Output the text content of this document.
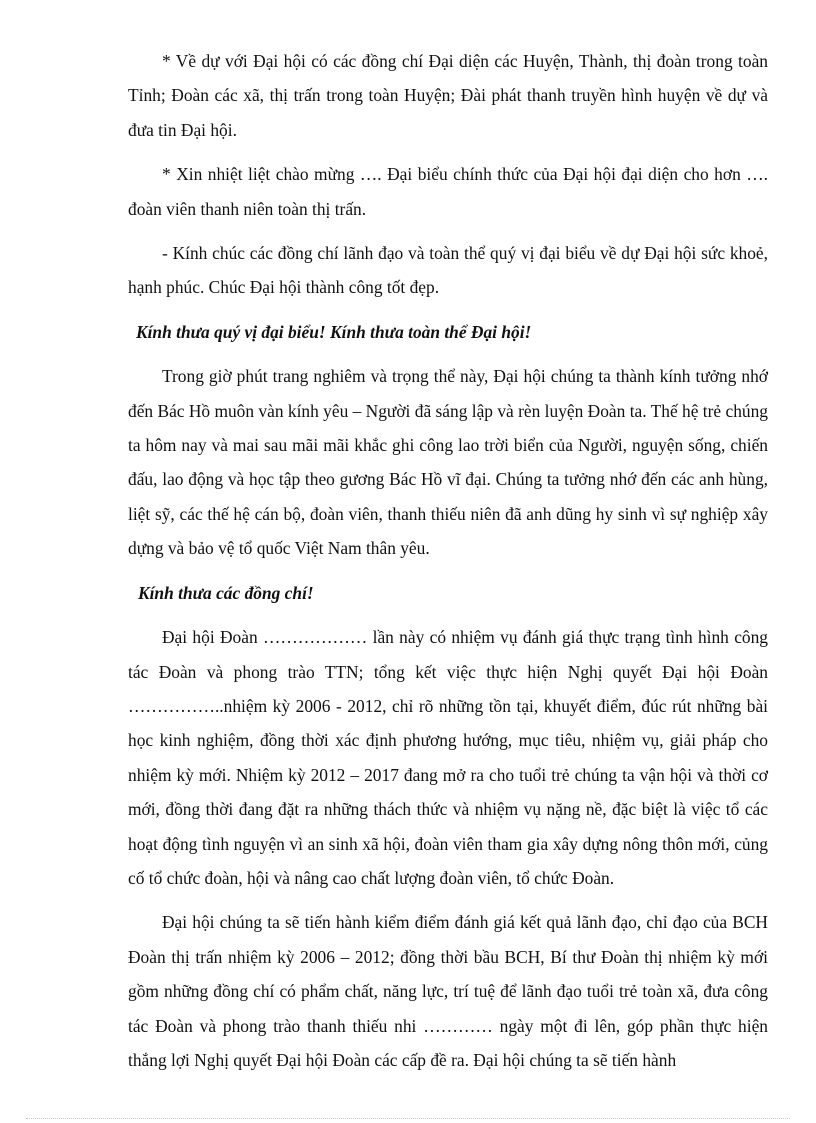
* Về dự với Đại hội có các đồng chí Đại diện các Huyện, Thành, thị đoàn trong toàn Tỉnh; Đoàn các xã, thị trấn trong toàn Huyện; Đài phát thanh truyền hình huyện về dự và đưa tin Đại hội.

* Xin nhiệt liệt chào mừng …. Đại biểu chính thức của Đại hội đại diện cho hơn …. đoàn viên thanh niên toàn thị trấn.

- Kính chúc các đồng chí lãnh đạo và toàn thể quý vị đại biểu về dự Đại hội sức khoẻ, hạnh phúc. Chúc Đại hội thành công tốt đẹp.

Kính thưa quý vị đại biểu! Kính thưa toàn thể Đại hội!

Trong giờ phút trang nghiêm và trọng thể này, Đại hội chúng ta thành kính tưởng nhớ đến Bác Hồ muôn vàn kính yêu – Người đã sáng lập và rèn luyện Đoàn ta. Thế hệ trẻ chúng ta hôm nay và mai sau mãi mãi khắc ghi công lao trời biển của Người, nguyện sống, chiến đấu, lao động và học tập theo gương Bác Hồ vĩ đại. Chúng ta tưởng nhớ đến các anh hùng, liệt sỹ, các thế hệ cán bộ, đoàn viên, thanh thiếu niên đã anh dũng hy sinh vì sự nghiệp xây dựng và bảo vệ tổ quốc Việt Nam thân yêu.

Kính thưa các đồng chí!

Đại hội Đoàn ……………… lần này có nhiệm vụ đánh giá thực trạng tình hình công tác Đoàn và phong trào TTN; tổng kết việc thực hiện Nghị quyết Đại hội Đoàn ……………..nhiệm kỳ 2006 - 2012, chỉ rõ những tồn tại, khuyết điểm, đúc rút những bài học kinh nghiệm, đồng thời xác định phương hướng, mục tiêu, nhiệm vụ, giải pháp cho nhiệm kỳ mới. Nhiệm kỳ 2012 – 2017 đang mở ra cho tuổi trẻ chúng ta vận hội và thời cơ mới, đồng thời đang đặt ra những thách thức và nhiệm vụ nặng nề, đặc biệt là việc tổ các hoạt động tình nguyện vì an sinh xã hội, đoàn viên tham gia xây dựng nông thôn mới, củng cố tổ chức đoàn, hội và nâng cao chất lượng đoàn viên, tổ chức Đoàn.

Đại hội chúng ta sẽ tiến hành kiểm điểm đánh giá kết quả lãnh đạo, chỉ đạo của BCH Đoàn thị trấn nhiệm kỳ 2006 – 2012; đồng thời bầu BCH, Bí thư Đoàn thị nhiệm kỳ mới gồm những đồng chí có phẩm chất, năng lực, trí tuệ để lãnh đạo tuổi trẻ toàn xã, đưa công tác Đoàn và phong trào thanh thiếu nhi ………… ngày một đi lên, góp phần thực hiện thắng lợi Nghị quyết Đại hội Đoàn các cấp đề ra. Đại hội chúng ta sẽ tiến hành
